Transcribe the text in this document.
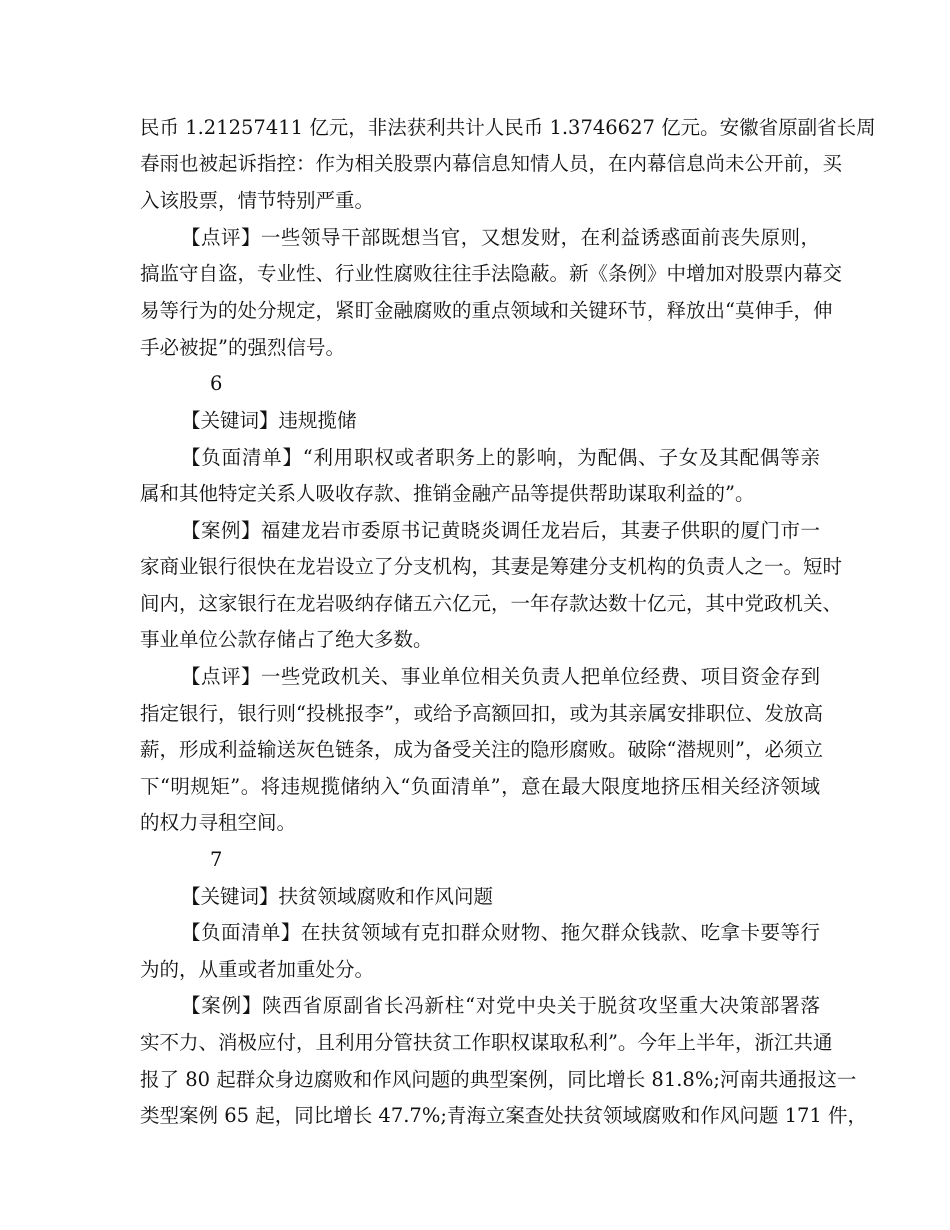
民币 1.21257411 亿元，非法获利共计人民币 1.3746627 亿元。安徽省原副省长周
春雨也被起诉指控：作为相关股票内幕信息知情人员，在内幕信息尚未公开前，买
入该股票，情节特别严重。
【点评】一些领导干部既想当官，又想发财，在利益诱惑面前丧失原则，
搞监守自盗，专业性、行业性腐败往往手法隐蔽。新《条例》中增加对股票内幕交
易等行为的处分规定，紧盯金融腐败的重点领域和关键环节，释放出“莫伸手，伸
手必被捉”的强烈信号。
6
【关键词】违规揽储
【负面清单】“利用职权或者职务上的影响，为配偶、子女及其配偶等亲
属和其他特定关系人吸收存款、推销金融产品等提供帮助谋取利益的”。
【案例】福建龙岩市委原书记黄晓炎调任龙岩后，其妻子供职的厦门市一
家商业银行很快在龙岩设立了分支机构，其妻是筹建分支机构的负责人之一。短时
间内，这家银行在龙岩吸纳存储五六亿元，一年存款达数十亿元，其中党政机关、
事业单位公款存储占了绝大多数。
【点评】一些党政机关、事业单位相关负责人把单位经费、项目资金存到
指定银行，银行则“投桃报李”，或给予高额回扣，或为其亲属安排职位、发放高
薪，形成利益输送灰色链条，成为备受关注的隐形腐败。破除“潜规则”，必须立
下“明规矩”。将违规揽储纳入“负面清单”，意在最大限度地挤压相关经济领域
的权力寻租空间。
7
【关键词】扶贫领域腐败和作风问题
【负面清单】在扶贫领域有克扣群众财物、拖欠群众钱款、吃拿卡要等行
为的，从重或者加重处分。
【案例】陕西省原副省长冯新柱“对党中央关于脱贫攻坚重大决策部署落
实不力、消极应付，且利用分管扶贫工作职权谋取私利”。今年上半年，浙江共通
报了 80 起群众身边腐败和作风问题的典型案例，同比增长 81.8%;河南共通报这一
类型案例 65 起，同比增长 47.7%;青海立案查处扶贫领域腐败和作风问题 171 件，
